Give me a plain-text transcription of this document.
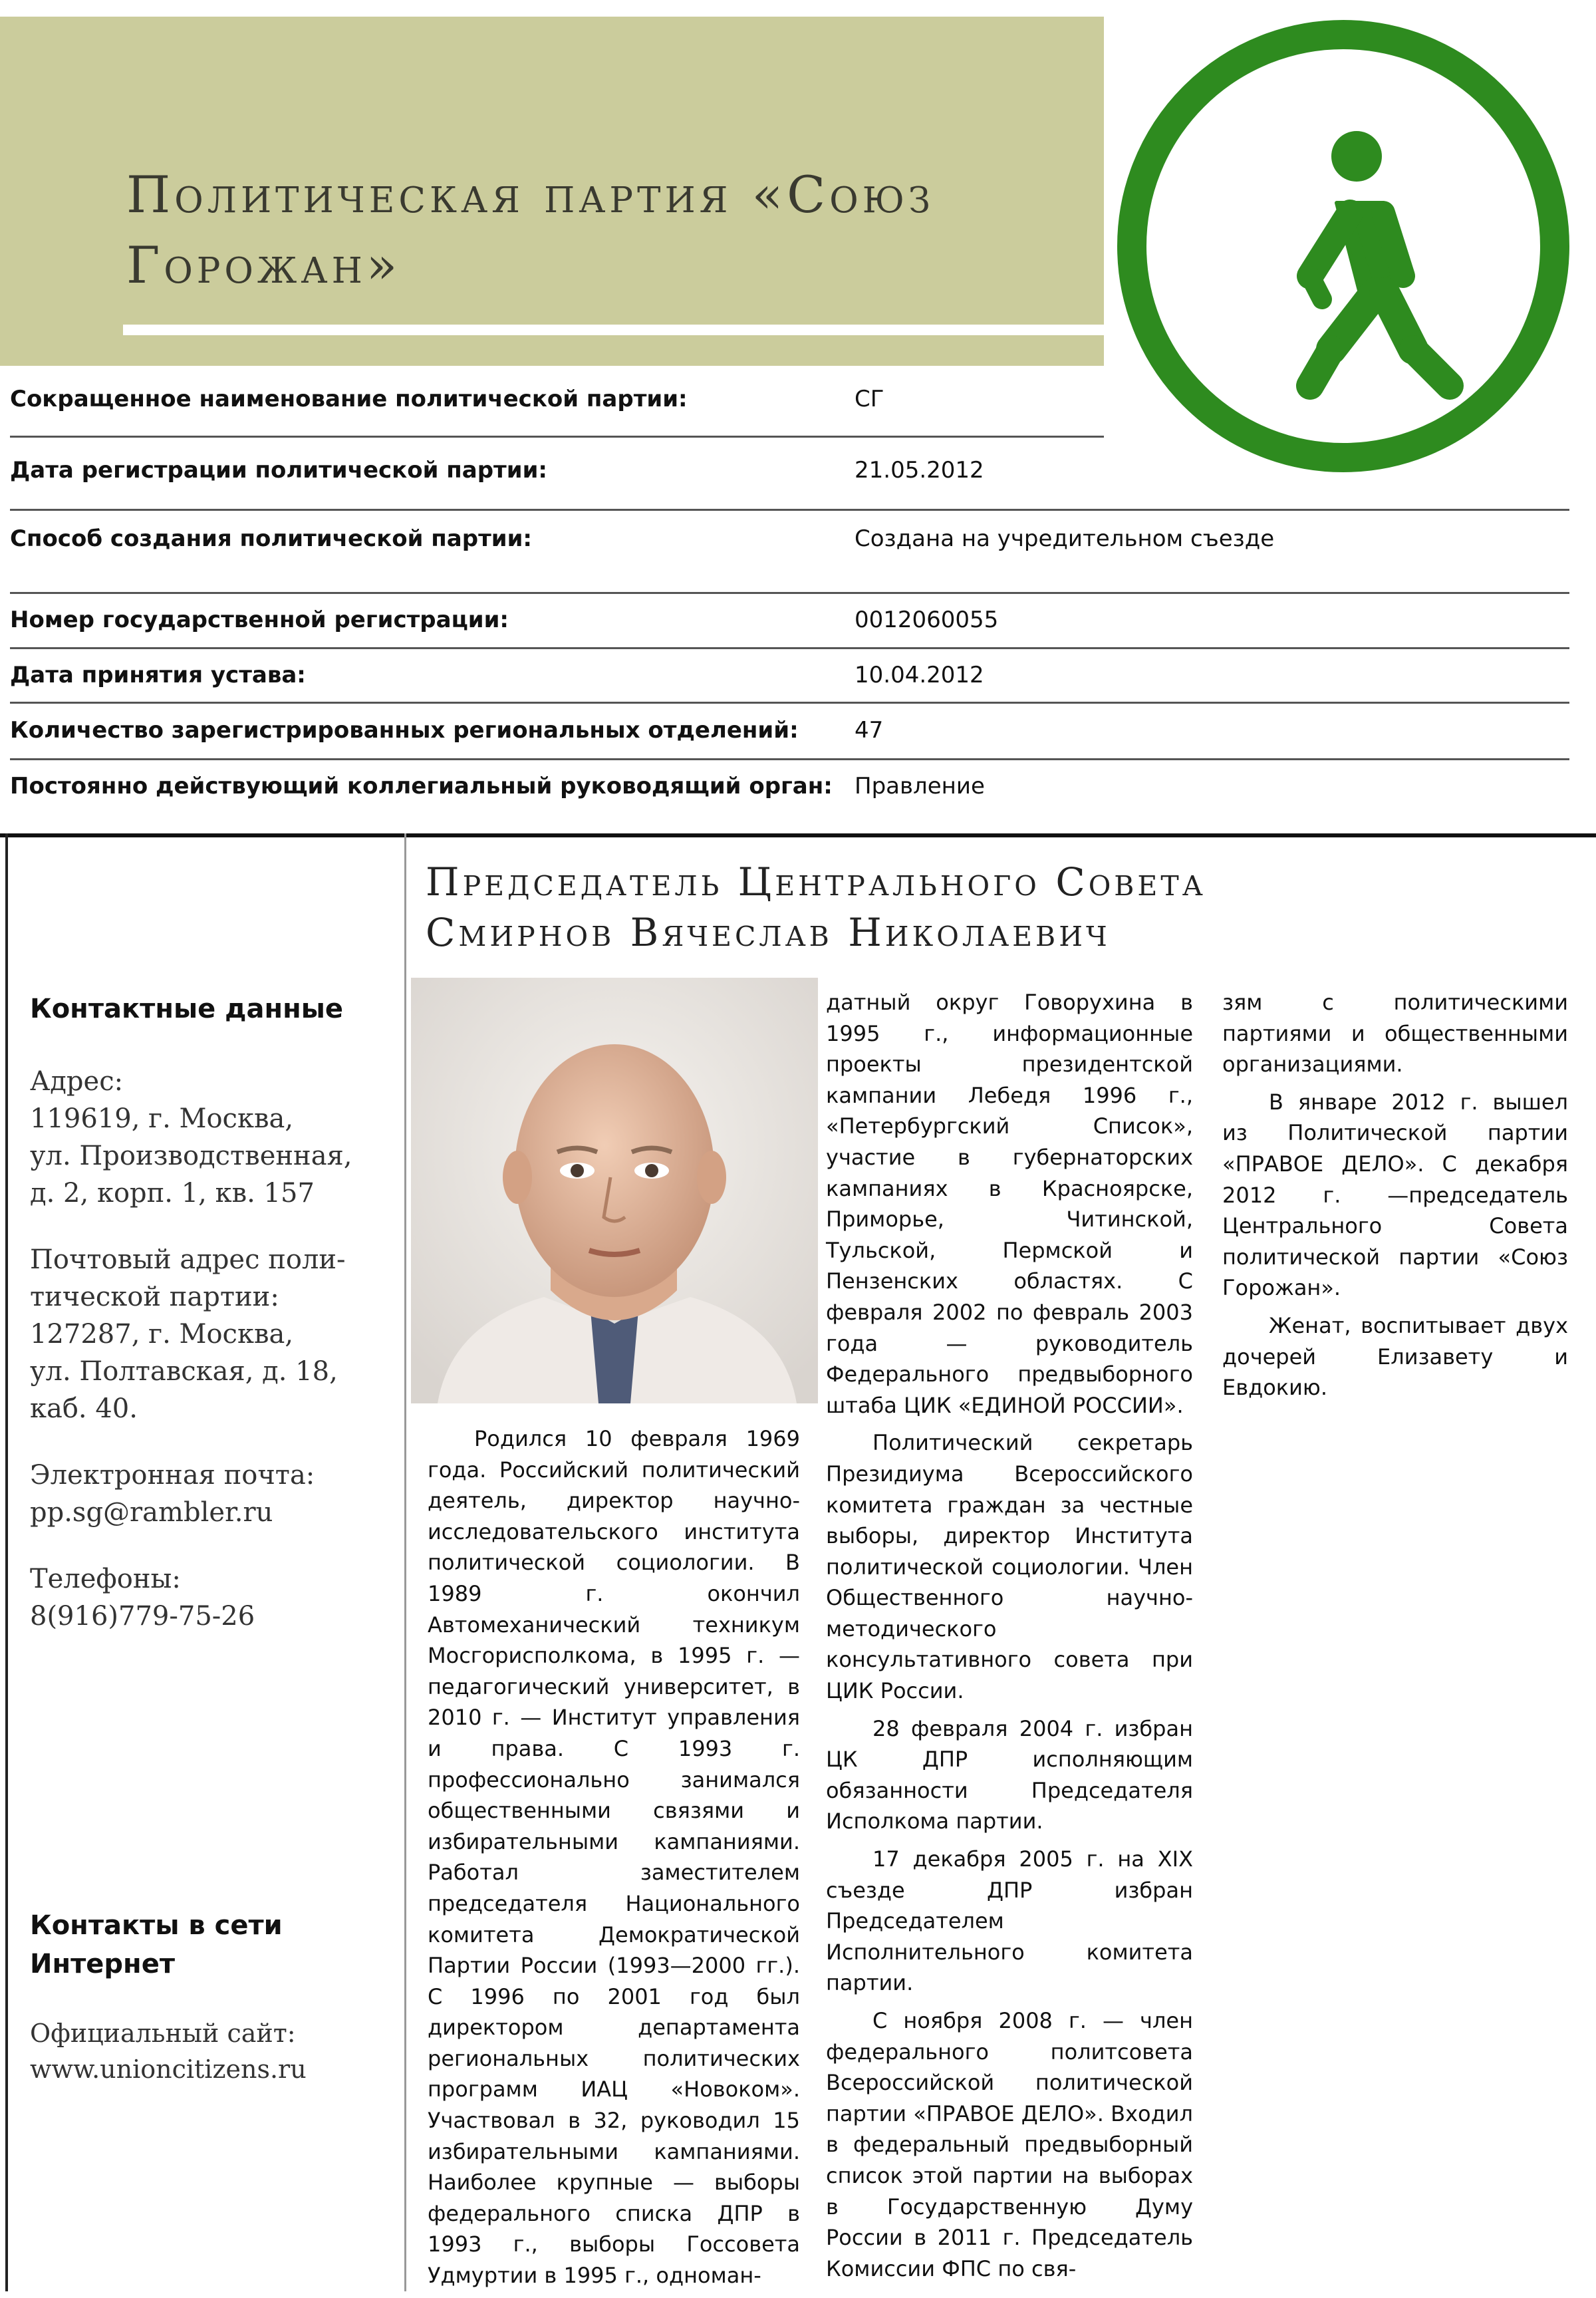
Политическая партия «Союз Горожан»
Сокращенное наименование политической партии:	СГ
Дата регистрации политической партии:	21.05.2012
Способ создания политической партии:	Создана на учредительном съезде
Номер государственной регистрации:	0012060055
Дата принятия устава:	10.04.2012
Количество зарегистрированных региональных отделений: 47
Постоянно действующий коллегиальный руководящий орган: Правление
Председатель Центрального Совета
Смирнов Вячеслав Николаевич
Контактные данные
Адрес:
119619, г. Москва,
ул. Производственная,
д. 2, корп. 1, кв. 157
Почтовый адрес поли-
тической партии:
127287, г. Москва,
ул. Полтавская, д. 18,
каб. 40.
Электронная почта:
pp.sg@rambler.ru
Телефоны:
8(916)779-75-26
Контакты в сети
Интернет
Официальный сайт:
www.unioncitizens.ru

Родился 10 февраля 1969 года. Российский политический деятель, директор научно-исследовательского института политической социологии. В 1989 г. окончил Автомеханический техникум Мосгорисполкома, в 1995 г. — педагогический университет, в 2010 г. — Институт управления и права. С 1993 г. профессионально занимался общественными связями и избирательными кампаниями. Работал заместителем председателя Национального комитета Демократической Партии России (1993—2000 гг.). С 1996 по 2001 год был директором департамента региональных политических программ ИАЦ «Новоком». Участвовал в 32, руководил 15 избирательными кампаниями. Наиболее крупные — выборы федерального списка ДПР в 1993 г., выборы Госсовета Удмуртии в 1995 г., одноман-

датный округ Говорухина в 1995 г., информационные проекты президентской кампании Лебедя 1996 г., «Петербургский Список», участие в губернаторских кампаниях в Красноярске, Приморье, Читинской, Тульской, Пермской и Пензенских областях. С февраля 2002 по февраль 2003 года — руководитель Федерального предвыборного штаба ЦИК «ЕДИНОЙ РОССИИ».

Политический секретарь Президиума Всероссийского комитета граждан за честные выборы, директор Института политической социологии. Член Общественного научно-методического консультативного совета при ЦИК России.

28 февраля 2004 г. избран ЦК ДПР исполняющим обязанности Председателя Исполкома партии.

17 декабря 2005 г. на XIX съезде ДПР избран Председателем Исполнительного комитета партии.

С ноября 2008 г. — член федерального политсовета Всероссийской политической партии «ПРАВОЕ ДЕЛО». Входил в федеральный предвыборный список этой партии на выборах в Государственную Думу России в 2011 г. Председатель Комиссии ФПС по свя-

зям с политическими партиями и общественными организациями.

В январе 2012 г. вышел из Политической партии «ПРАВОЕ ДЕЛО». С декабря 2012 г. —председатель Центрального Совета политической партии «Союз Горожан».

Женат, воспитывает двух дочерей Елизавету и Евдокию.
